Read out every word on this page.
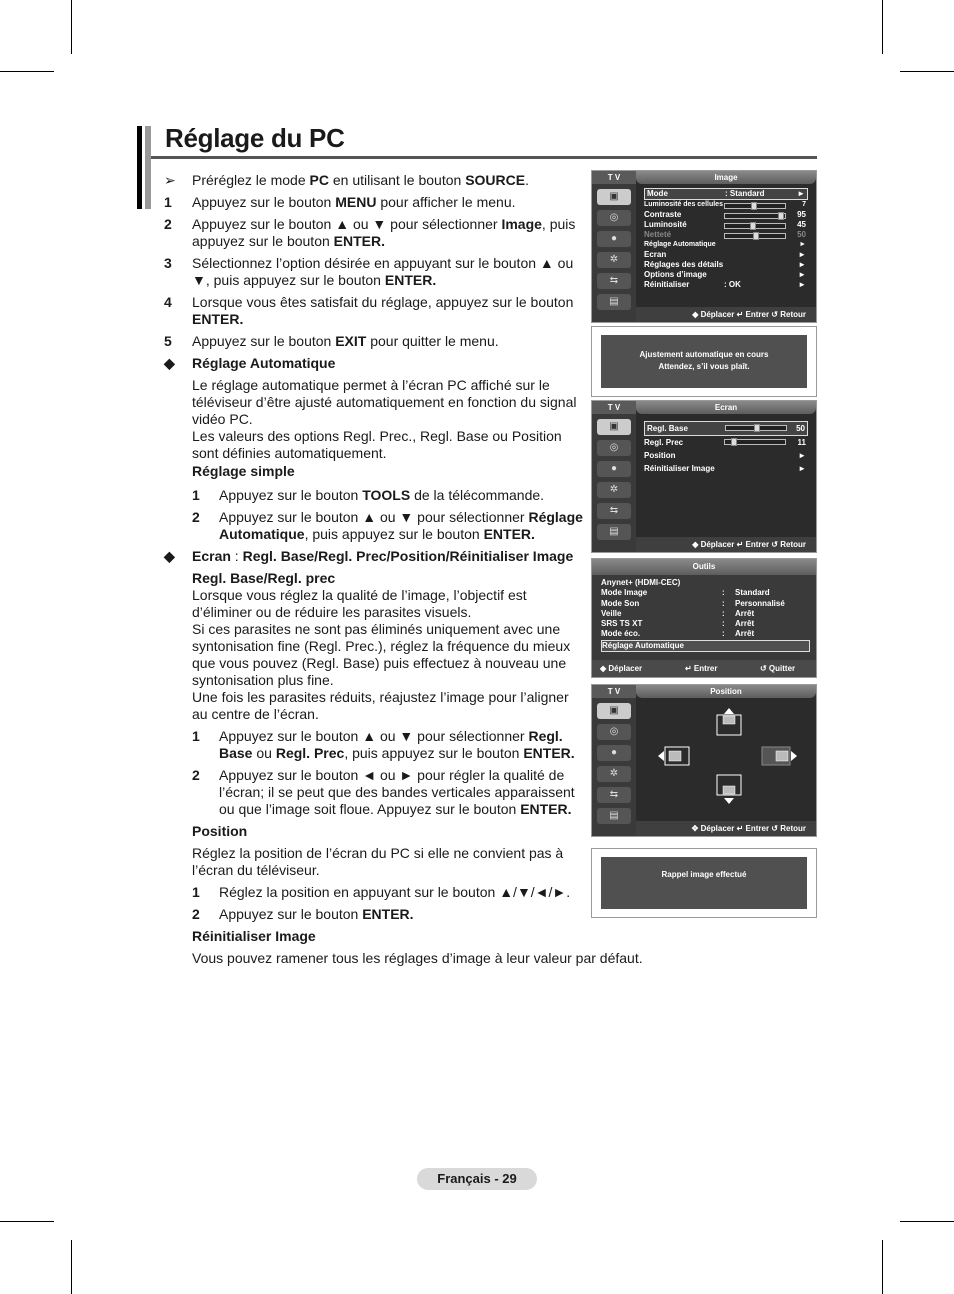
Réglage du PC
➢ Préréglez le mode PC en utilisant le bouton SOURCE.
1 Appuyez sur le bouton MENU pour afficher le menu.
2 Appuyez sur le bouton ▲ ou ▼ pour sélectionner Image, puis appuyez sur le bouton ENTER.
3 Sélectionnez l’option désirée en appuyant sur le bouton ▲ ou ▼, puis appuyez sur le bouton ENTER.
4 Lorsque vous êtes satisfait du réglage, appuyez sur le bouton ENTER.
5 Appuyez sur le bouton EXIT pour quitter le menu.
◆ Réglage Automatique
Le réglage automatique permet à l’écran PC affiché sur le téléviseur d’être ajusté automatiquement en fonction du signal vidéo PC.
Les valeurs des options Regl. Prec., Regl. Base ou Position sont définies automatiquement.
Réglage simple
1 Appuyez sur le bouton TOOLS de la télécommande.
2 Appuyez sur le bouton ▲ ou ▼ pour sélectionner Réglage Automatique, puis appuyez sur le bouton ENTER.
◆ Ecran : Regl. Base/Regl. Prec/Position/Réinitialiser Image
Regl. Base/Regl. prec
Lorsque vous réglez la qualité de l’image, l’objectif est d’éliminer ou de réduire les parasites visuels.
Si ces parasites ne sont pas éliminés uniquement avec une syntonisation fine (Regl. Prec.), réglez la fréquence du mieux que vous pouvez (Regl. Base) puis effectuez à nouveau une syntonisation plus fine.
Une fois les parasites réduits, réajustez l’image pour l’aligner au centre de l’écran.
1 Appuyez sur le bouton ▲ ou ▼ pour sélectionner Regl. Base ou Regl. Prec, puis appuyez sur le bouton ENTER.
2 Appuyez sur le bouton ◄ ou ► pour régler la qualité de l’écran; il se peut que des bandes verticales apparaissent ou que l’image soit floue. Appuyez sur le bouton ENTER.
Position
Réglez la position de l’écran du PC si elle ne convient pas à l’écran du téléviseur.
1 Réglez la position en appuyant sur le bouton ▲/▼/◄/►.
2 Appuyez sur le bouton ENTER.
Réinitialiser Image
Vous pouvez ramener tous les réglages d’image à leur valeur par défaut.
T V	Image
▣
◎
●
✲
⇆
▤
Mode	: Standard	►
Luminosité des cellules	7
Contraste	95
Luminosité	45
Netteté	50
Réglage Automatique	►
Ecran	►
Réglages des détails	►
Options d’image	►
Réinitialiser	: OK	►
◆ Déplacer ↵ Entrer ↺ Retour
Ajustement automatique en cours
Attendez, s’il vous plaît.
T V	Ecran
▣
◎
●
✲
⇆
▤
Regl. Base	50
Regl. Prec	11
Position	►
Réinitialiser Image	►
◆ Déplacer ↵ Entrer ↺ Retour
Outils
Anynet+ (HDMI-CEC)
Mode Image	: Standard
Mode Son	: Personnalisé
Veille	: Arrêt
SRS TS XT	: Arrêt
Mode éco.	: Arrêt
Réglage Automatique
◆ Déplacer	↵ Entrer	↺ Quitter
T V	Position
▣
◎
●
✲
⇆
▤
✥ Déplacer ↵ Entrer ↺ Retour
Rappel image effectué
Français - 29
